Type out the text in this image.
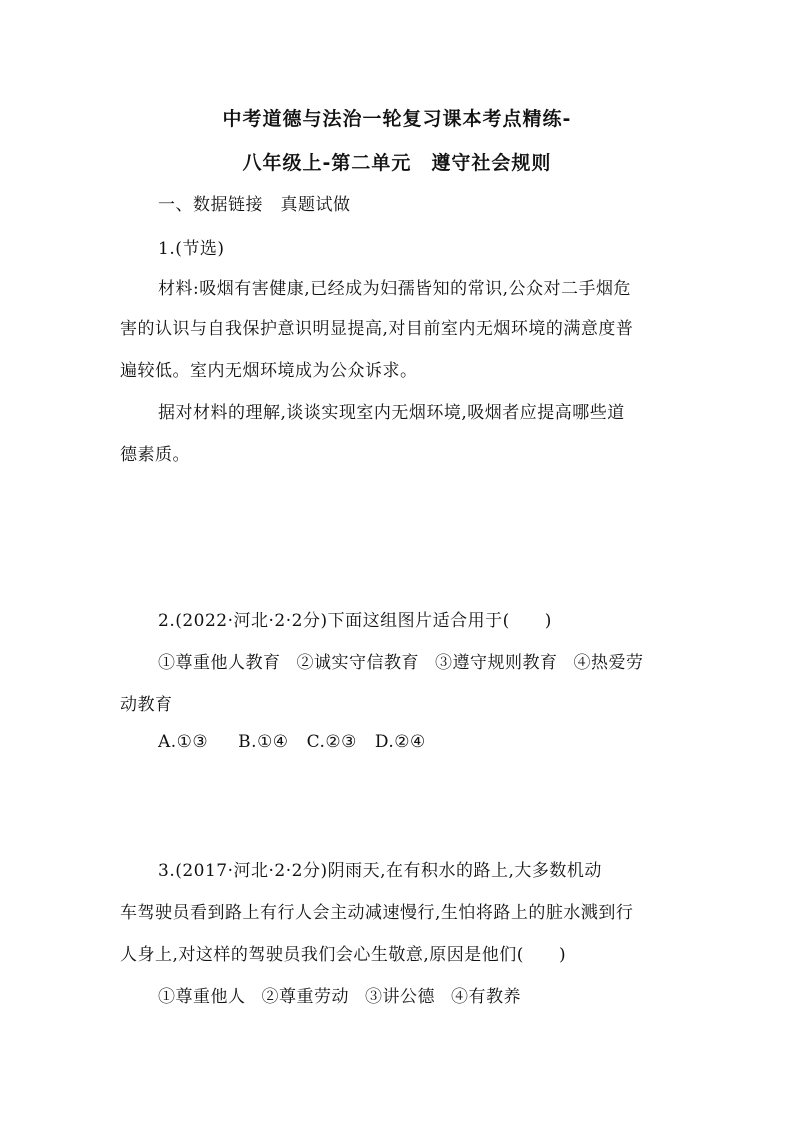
中考道德与法治一轮复习课本考点精练-
八年级上-第二单元　遵守社会规则
一、数据链接　真题试做
1.(节选)
材料:吸烟有害健康,已经成为妇孺皆知的常识,公众对二手烟危
害的认识与自我保护意识明显提高,对目前室内无烟环境的满意度普
遍较低。室内无烟环境成为公众诉求。
据对材料的理解,谈谈实现室内无烟环境,吸烟者应提高哪些道
德素质。
2.(2022·河北·2·2分)下面这组图片适合用于(　　)
①尊重他人教育 ②诚实守信教育 ③遵守规则教育 ④热爱劳
动教育
A.①③ B.①④ C.②③ D.②④
3.(2017·河北·2·2分)阴雨天,在有积水的路上,大多数机动
车驾驶员看到路上有行人会主动减速慢行,生怕将路上的脏水溅到行
人身上,对这样的驾驶员我们会心生敬意,原因是他们(　　)
①尊重他人 ②尊重劳动 ③讲公德 ④有教养
